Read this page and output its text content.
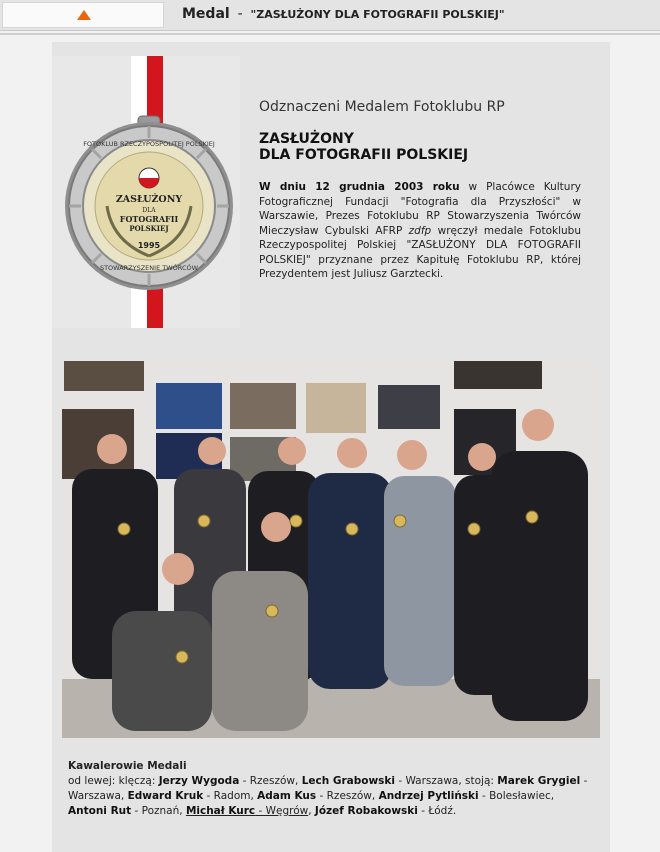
Medal - "ZASŁUŻONY DLA FOTOGRAFII POLSKIEJ"
FOTOKLUB RZECZYPOSPOLITEJ POLSKIEJ
STOWARZYSZENIE TWÓRCÓW
ZASŁUŻONY
DLA
FOTOGRAFII
POLSKIEJ
1995
Odznaczeni Medalem Fotoklubu RP
ZASŁUŻONY
DLA FOTOGRAFII POLSKIEJ
W dniu 12 grudnia 2003 roku w Placówce Kultury Fotograficznej Fundacji "Fotografia dla Przyszłości" w Warszawie, Prezes Fotoklubu RP Stowarzyszenia Twórców Mieczysław Cybulski AFRP zdfp wręczył medale Fotoklubu Rzeczypospolitej Polskiej "ZASŁUŻONY DLA FOTOGRAFII POLSKIEJ" przyznane przez Kapitułę Fotoklubu RP, której Prezydentem jest Juliusz Garztecki.
Kawalerowie Medali
od lewej: klęczą: Jerzy Wygoda - Rzeszów, Lech Grabowski - Warszawa, stoją: Marek Grygiel - Warszawa, Edward Kruk - Radom, Adam Kus - Rzeszów, Andrzej Pytliński - Bolesławiec, Antoni Rut - Poznań, Michał Kurc - Węgrów, Józef Robakowski - Łódź.
